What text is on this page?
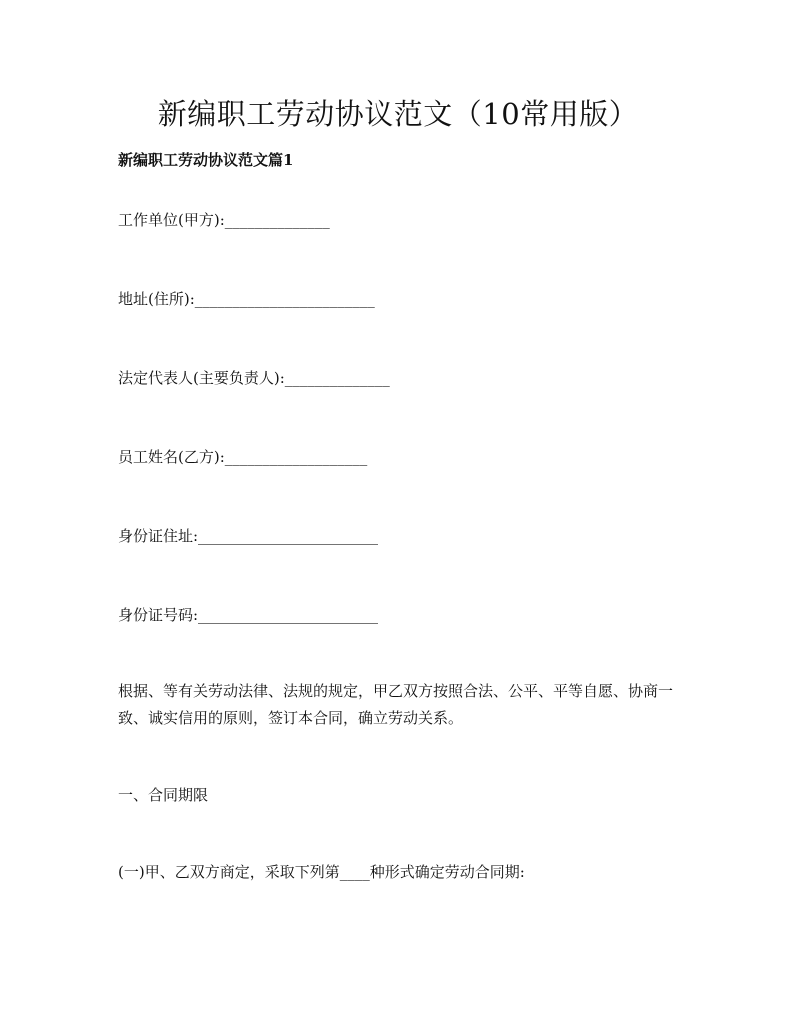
新编职工劳动协议范文（10常用版）

新编职工劳动协议范文篇1

工作单位(甲方):______________

地址(住所):________________________

法定代表人(主要负责人):______________

员工姓名(乙方):___________________

身份证住址:________________________

身份证号码:________________________

根据、等有关劳动法律、法规的规定，甲乙双方按照合法、公平、平等自愿、协商一致、诚实信用的原则，签订本合同，确立劳动关系。

一、合同期限

(一)甲、乙双方商定，采取下列第____种形式确定劳动合同期:
